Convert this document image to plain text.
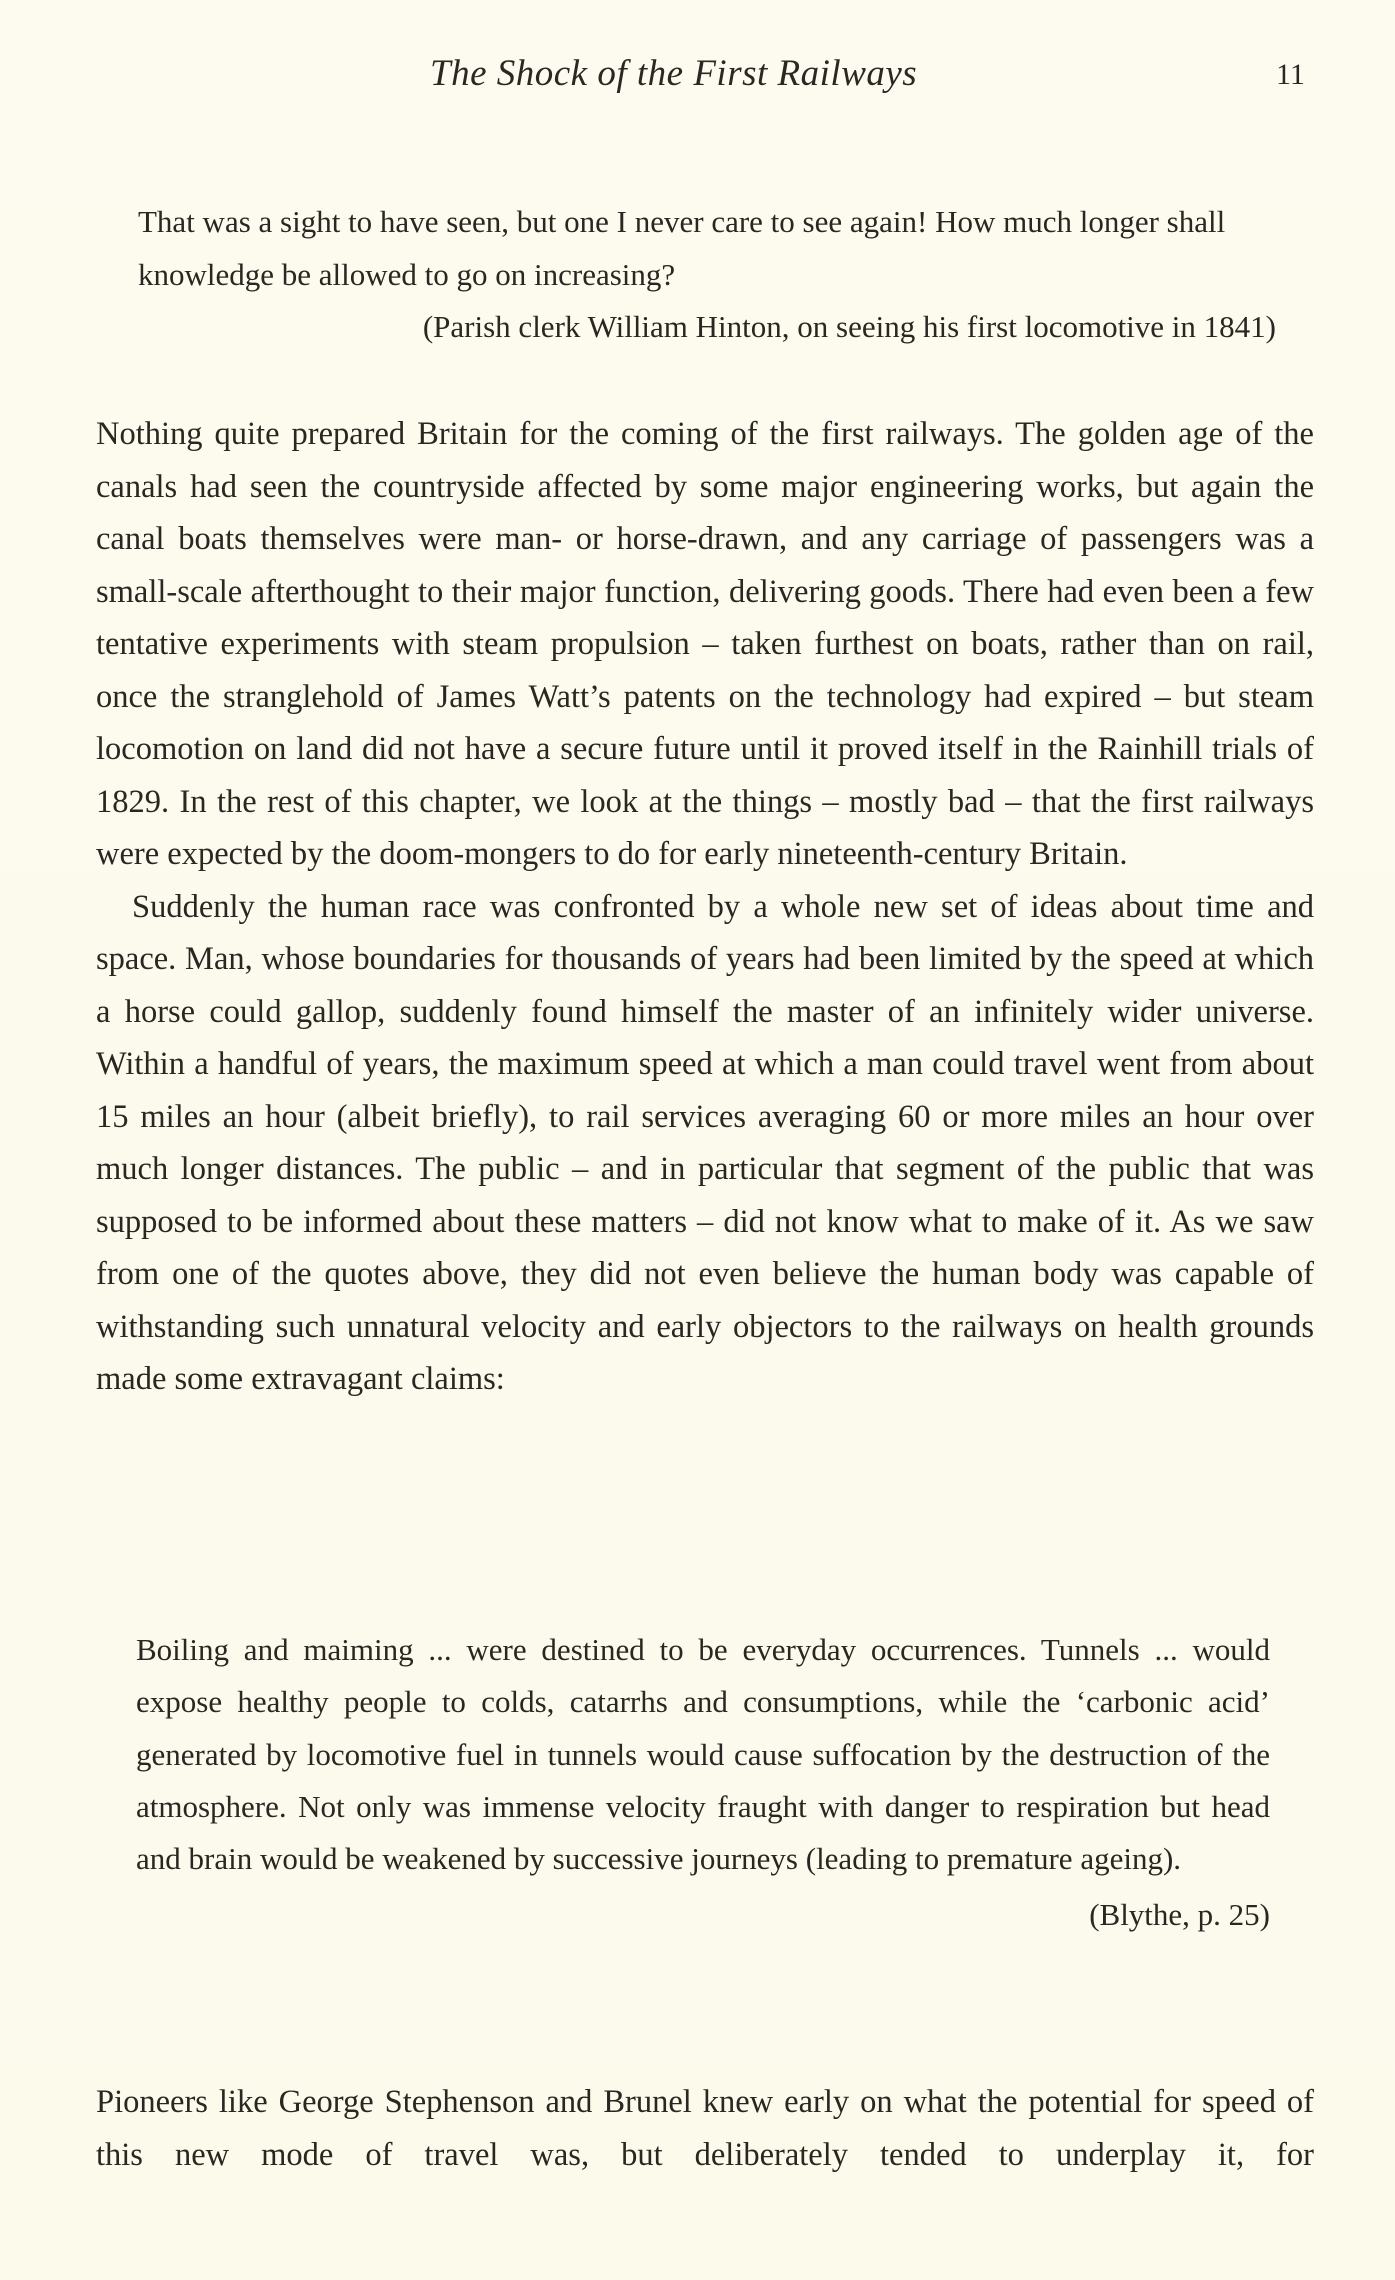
The Shock of the First Railways	11

That was a sight to have seen, but one I never care to see again! How much longer shall knowledge be allowed to go on increasing?

(Parish clerk William Hinton, on seeing his first locomotive in 1841)

Nothing quite prepared Britain for the coming of the first railways. The golden age of the canals had seen the countryside affected by some major engineering works, but again the canal boats themselves were man- or horse-drawn, and any carriage of passengers was a small-scale afterthought to their major function, delivering goods. There had even been a few tentative experiments with steam propulsion – taken furthest on boats, rather than on rail, once the stranglehold of James Watt’s patents on the technology had expired – but steam locomotion on land did not have a secure future until it proved itself in the Rainhill trials of 1829. In the rest of this chapter, we look at the things – mostly bad – that the first railways were expected by the doom-mongers to do for early nineteenth-century Britain.

Suddenly the human race was confronted by a whole new set of ideas about time and space. Man, whose boundaries for thousands of years had been limited by the speed at which a horse could gallop, suddenly found himself the master of an infinitely wider universe. Within a handful of years, the maximum speed at which a man could travel went from about 15 miles an hour (albeit briefly), to rail services averaging 60 or more miles an hour over much longer distances. The public – and in particular that segment of the public that was supposed to be informed about these matters – did not know what to make of it. As we saw from one of the quotes above, they did not even believe the human body was capable of withstanding such unnatural velocity and early objectors to the railways on health grounds made some extravagant claims:

Boiling and maiming ... were destined to be everyday occurrences. Tunnels ... would expose healthy people to colds, catarrhs and consumptions, while the ‘carbonic acid’ generated by locomotive fuel in tunnels would cause suffocation by the destruction of the atmosphere. Not only was immense velocity fraught with danger to respiration but head and brain would be weakened by successive journeys (leading to premature ageing).

(Blythe, p. 25)

Pioneers like George Stephenson and Brunel knew early on what the potential for speed of this new mode of travel was, but deliberately tended to underplay it, for
